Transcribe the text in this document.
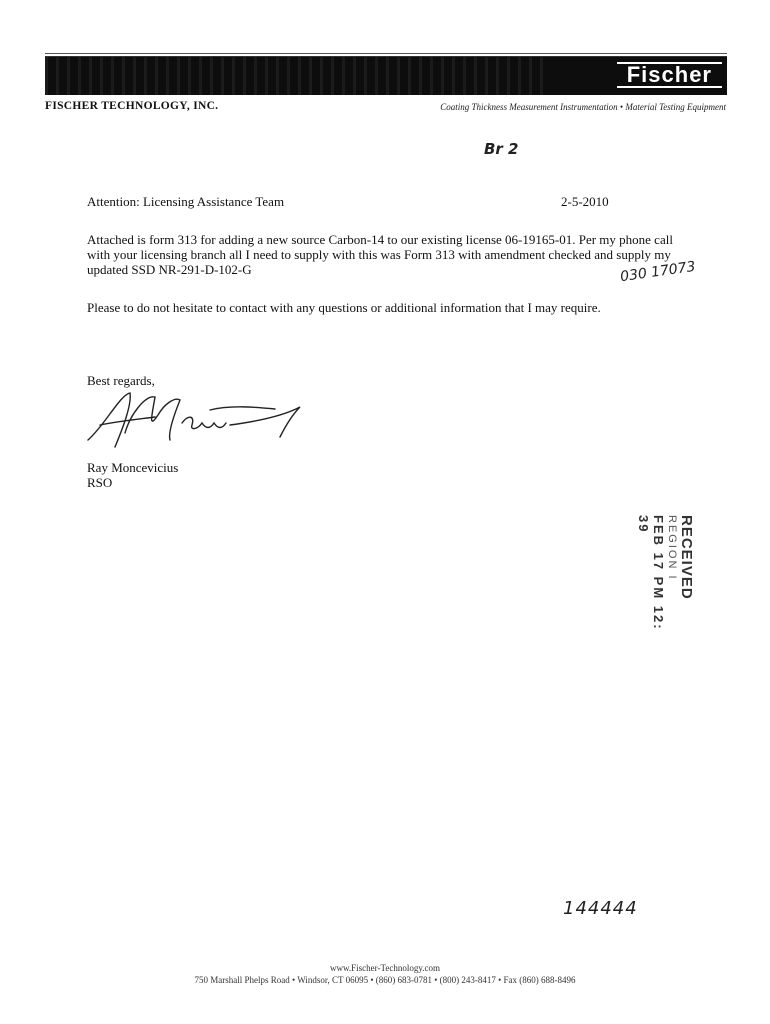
Fischer
FISCHER TECHNOLOGY, INC.	Coating Thickness Measurement Instrumentation • Material Testing Equipment
Br 2
Attention: Licensing Assistance Team	2-5-2010
Attached is form 313 for adding a new source Carbon-14 to our existing license 06-19165-01. Per my phone call with your licensing branch all I need to supply with this was Form 313 with amendment checked and supply my updated SSD NR-291-D-102-G	030 17073
Please to do not hesitate to contact with any questions or additional information that I may require.
Best regards,
Ray Moncevicius
RSO
RECEIVED
REGION I
FEB 17 PM 12: 39
144444
www.Fischer-Technology.com
750 Marshall Phelps Road • Windsor, CT 06095 • (860) 683-0781 • (800) 243-8417 • Fax (860) 688-8496
